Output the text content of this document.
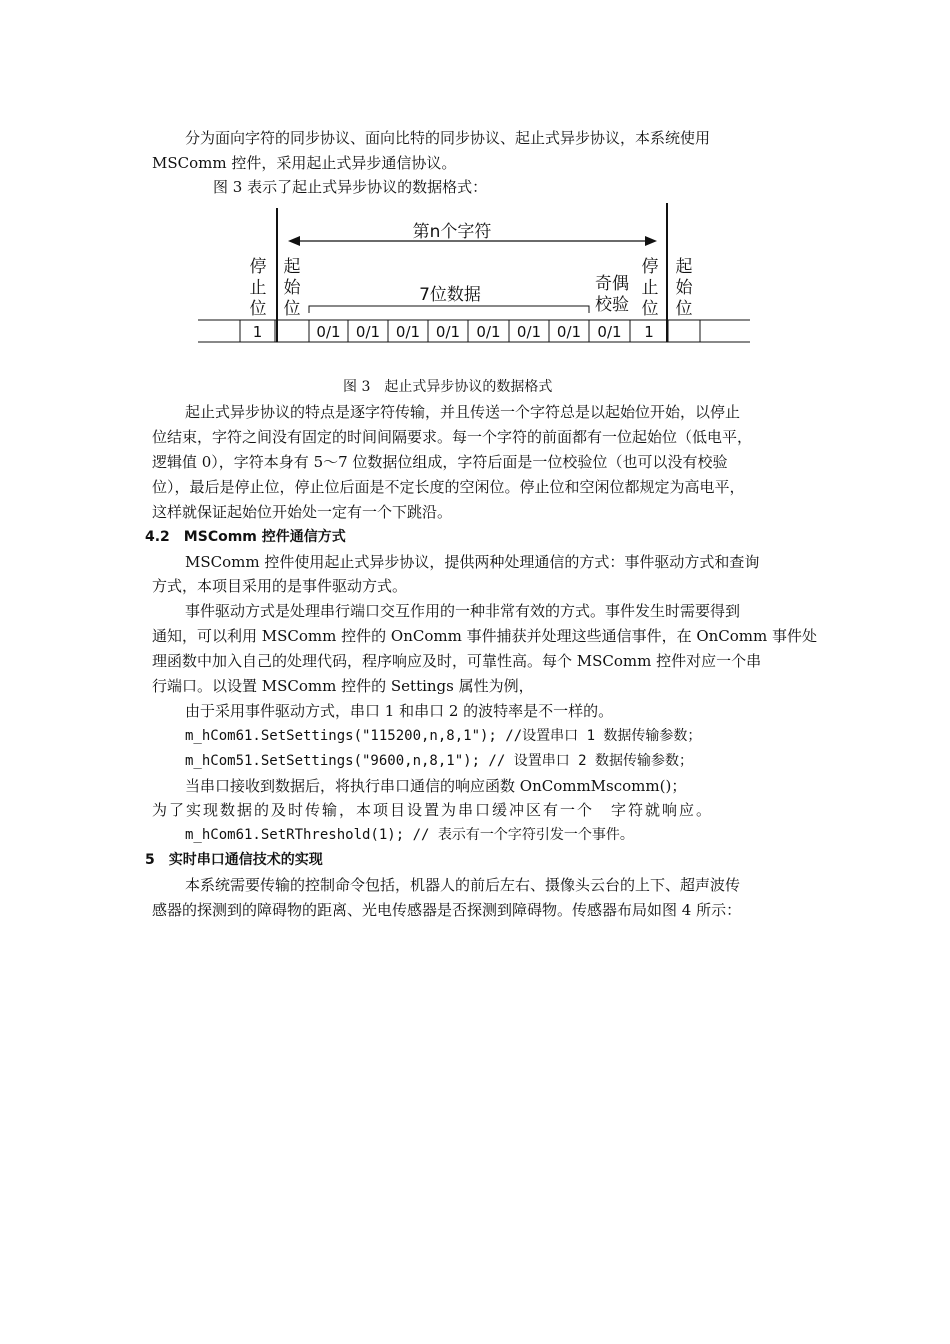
分为面向字符的同步协议、面向比特的同步协议、起止式异步协议，本系统使用
MSComm 控件，采用起止式异步通信协议。
图 3 表示了起止式异步协议的数据格式：
第n个字符
停
止
位
起
始
位
7位数据
奇偶
校验
停
止
位
起
始
位
1	0/1 0/1 0/1 0/1 0/1 0/1 0/1 0/1 1
图 3　起止式异步协议的数据格式
起止式异步协议的特点是逐字符传输，并且传送一个字符总是以起始位开始，以停止
位结束，字符之间没有固定的时间间隔要求。每一个字符的前面都有一位起始位（低电平，
逻辑值 0），字符本身有 5～7 位数据位组成，字符后面是一位校验位（也可以没有校验
位），最后是停止位，停止位后面是不定长度的空闲位。停止位和空闲位都规定为高电平，
这样就保证起始位开始处一定有一个下跳沿。
4.2　MSComm 控件通信方式
MSComm 控件使用起止式异步协议，提供两种处理通信的方式：事件驱动方式和查询
方式，本项目采用的是事件驱动方式。
事件驱动方式是处理串行端口交互作用的一种非常有效的方式。事件发生时需要得到
通知，可以利用 MSComm 控件的 OnComm 事件捕获并处理这些通信事件，在 OnComm 事件处
理函数中加入自己的处理代码，程序响应及时，可靠性高。每个 MSComm 控件对应一个串
行端口。以设置 MSComm 控件的 Settings 属性为例，
由于采用事件驱动方式，串口 1 和串口 2 的波特率是不一样的。
m_hCom61.SetSettings("115200,n,8,1"); //设置串口 1 数据传输参数；
m_hCom51.SetSettings("9600,n,8,1"); // 设置串口 2 数据传输参数；
当串口接收到数据后，将执行串口通信的响应函数 OnCommMscomm()；
为了实现数据的及时传输，本项目设置为串口缓冲区有一个　字符就响应。
m_hCom61.SetRThreshold(1); // 表示有一个字符引发一个事件。
5　实时串口通信技术的实现
本系统需要传输的控制命令包括，机器人的前后左右、摄像头云台的上下、超声波传
感器的探测到的障碍物的距离、光电传感器是否探测到障碍物。传感器布局如图 4 所示：
